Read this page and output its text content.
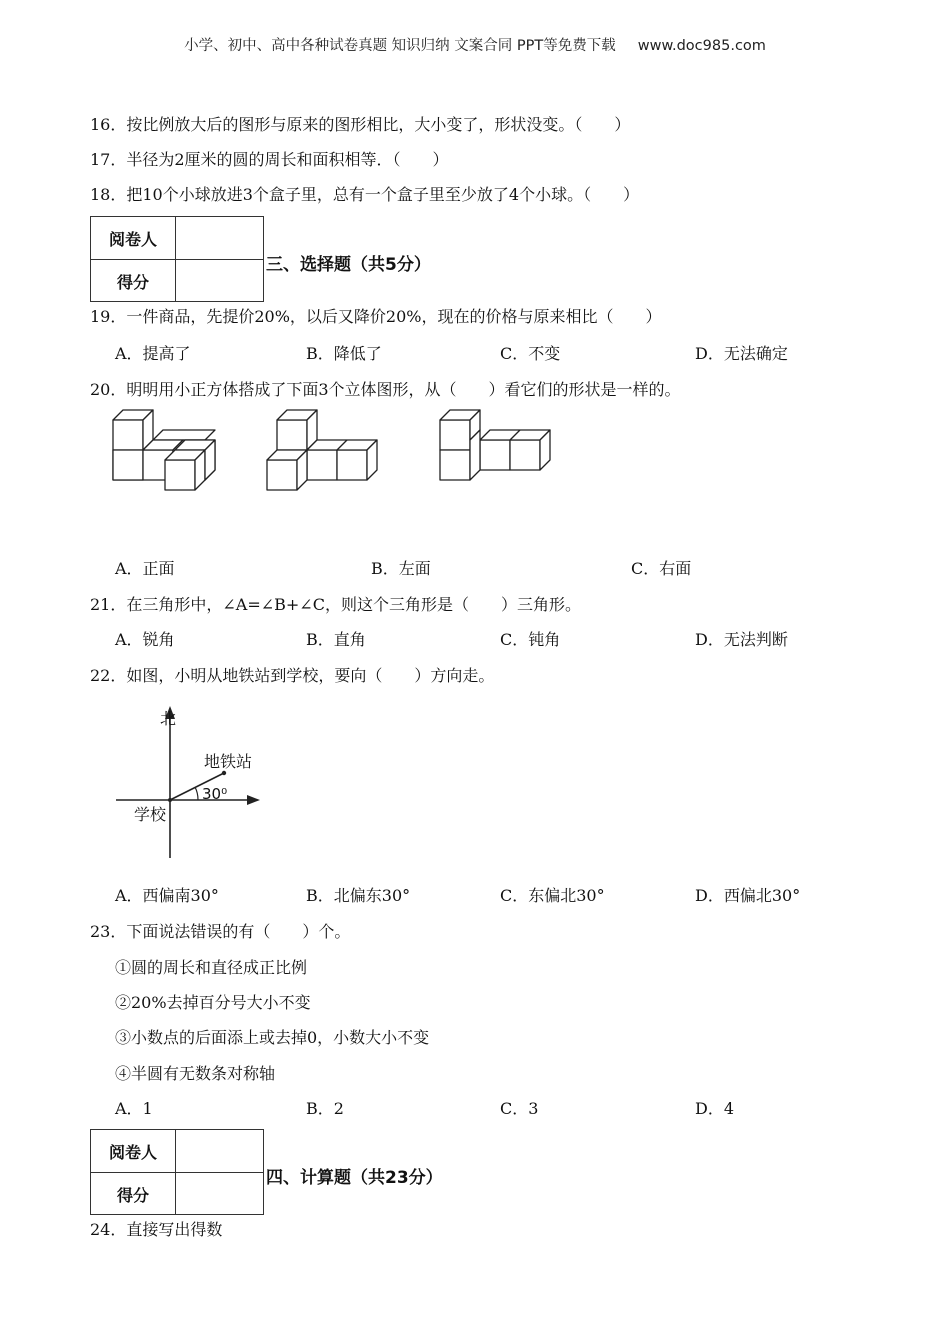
小学、初中、高中各种试卷真题 知识归纳 文案合同 PPT等免费下载 www.doc985.com
16．按比例放大后的图形与原来的图形相比，大小变了，形状没变。（　　）
17．半径为2厘米的圆的周长和面积相等．（　　）
18．把10个小球放进3个盒子里，总有一个盒子里至少放了4个小球。（　　）
阅卷人
得分
三、选择题（共5分）
19．一件商品，先提价20%，以后又降价20%，现在的价格与原来相比（　　）
A．提高了	B．降低了	C．不变	D．无法确定
20．明明用小正方体搭成了下面3个立体图形，从（　　）看它们的形状是一样的。
A．正面	B．左面	C．右面
21．在三角形中，∠A=∠B+∠C，则这个三角形是（　　）三角形。
A．锐角	B．直角	C．钝角	D．无法判断
22．如图，小明从地铁站到学校，要向（　　）方向走。
北
地铁站
30⁰
学校
A．西偏南30°	B．北偏东30°	C．东偏北30°	D．西偏北30°
23．下面说法错误的有（　　）个。
①圆的周长和直径成正比例
②20%去掉百分号大小不变
③小数点的后面添上或去掉0，小数大小不变
④半圆有无数条对称轴
A．1	B．2	C．3	D．4
阅卷人
得分
四、计算题（共23分）
24．直接写出得数
